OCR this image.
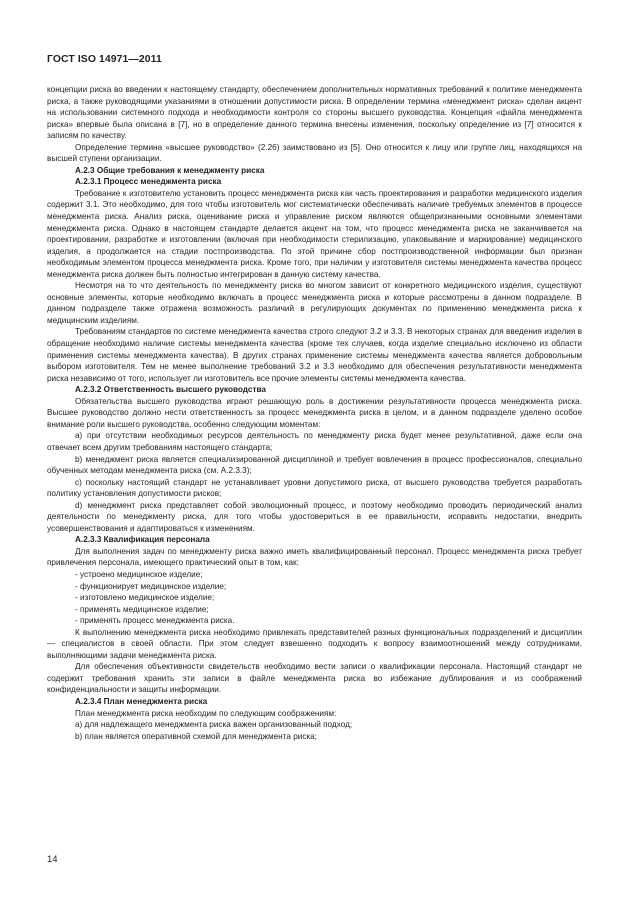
ГОСТ ISO 14971—2011

концепции риска во введении к настоящему стандарту, обеспечением дополнительных нормативных требований к политике менеджмента риска, а также руководящими указаниями в отношении допустимости риска. В определении термина «менеджмент риска» сделан акцент на использовании системного подхода и необходимости контроля со стороны высшего руководства. Концепция «файла менеджмента риска» впервые была описана в [7], но в определение данного термина внесены изменения, поскольку определение из [7] относится к записям по качеству.

Определение термина «высшее руководство» (2.26) заимствовано из [5]. Оно относится к лицу или группе лиц, находящихся на высшей ступени организации.

А.2.3 Общие требования к менеджменту риска

А.2.3.1 Процесс менеджмента риска

Требование к изготовителю установить процесс менеджмента риска как часть проектирования и разработки медицинского изделия содержит 3.1. Это необходимо, для того чтобы изготовитель мог систематически обеспечивать наличие требуемых элементов в процессе менеджмента риска. Анализ риска, оценивание риска и управление риском являются общепризнанными основными элементами менеджмента риска. Однако в настоящем стандарте делается акцент на том, что процесс менеджмента риска не заканчивается на проектировании, разработке и изготовлении (включая при необходимости стерилизацию, упаковывание и маркирование) медицинского изделия, а продолжается на стадии постпроизводства. По этой причине сбор постпроизводственной информации был признан необходимым элементом процесса менеджмента риска. Кроме того, при наличии у изготовителя системы менеджмента качества процесс менеджмента риска должен быть полностью интегрирован в данную систему качества.

Несмотря на то что деятельность по менеджменту риска во многом зависит от конкретного медицинского изделия, существуют основные элементы, которые необходимо включать в процесс менеджмента риска и которые рассмотрены в данном подразделе. В данном подразделе также отражена возможность различий в регулирующих документах по применению менеджмента риска к медицинским изделиям.

Требованиям стандартов по системе менеджмента качества строго следуют 3.2 и 3.3. В некоторых странах для введения изделия в обращение необходимо наличие системы менеджмента качества (кроме тех случаев, когда изделие специально исключено из области применения системы менеджмента качества). В других странах применение системы менеджмента качества является добровольным выбором изготовителя. Тем не менее выполнение требований 3.2 и 3.3 необходимо для обеспечения результативности менеджмента риска независимо от того, использует ли изготовитель все прочие элементы системы менеджмента качества.

А.2.3.2 Ответственность высшего руководства

Обязательства высшего руководства играют решающую роль в достижении результативности процесса менеджмента риска. Высшее руководство должно нести ответственность за процесс менеджмента риска в целом, и в данном подразделе уделено особое внимание роли высшего руководства, особенно следующим моментам:

a) при отсутствии необходимых ресурсов деятельность по менеджменту риска будет менее результативной, даже если она отвечает всем другим требованиям настоящего стандарта;

b) менеджмент риска является специализированной дисциплиной и требует вовлечения в процесс профессионалов, специально обученных методам менеджмента риска (см. А.2.3.3);

c) поскольку настоящий стандарт не устанавливает уровни допустимого риска, от высшего руководства требуется разработать политику установления допустимости рисков;

d) менеджмент риска представляет собой эволюционный процесс, и поэтому необходимо проводить периодический анализ деятельности по менеджменту риска, для того чтобы удостовериться в ее правильности, исправить недостатки, внедрить усовершенствования и адаптироваться к изменениям.

А.2.3.3 Квалификация персонала

Для выполнения задач по менеджменту риска важно иметь квалифицированный персонал. Процесс менеджмента риска требует привлечения персонала, имеющего практический опыт в том, как:

- устроено медицинское изделие;

- функционирует медицинское изделие;

- изготовлено медицинское изделие;

- применять медицинское изделие;

- применять процесс менеджмента риска.

К выполнению менеджмента риска необходимо привлекать представителей разных функциональных подразделений и дисциплин — специалистов в своей области. При этом следует взвешенно подходить к вопросу взаимоотношений между сотрудниками, выполняющими задачи менеджмента риска.

Для обеспечения объективности свидетельств необходимо вести записи о квалификации персонала. Настоящий стандарт не содержит требования хранить эти записи в файле менеджмента риска во избежание дублирования и из соображений конфиденциальности и защиты информации.

А.2.3.4 План менеджмента риска

План менеджмента риска необходим по следующим соображениям:

a) для надлежащего менеджмента риска важен организованный подход;

b) план является оперативной схемой для менеджмента риска;

14
